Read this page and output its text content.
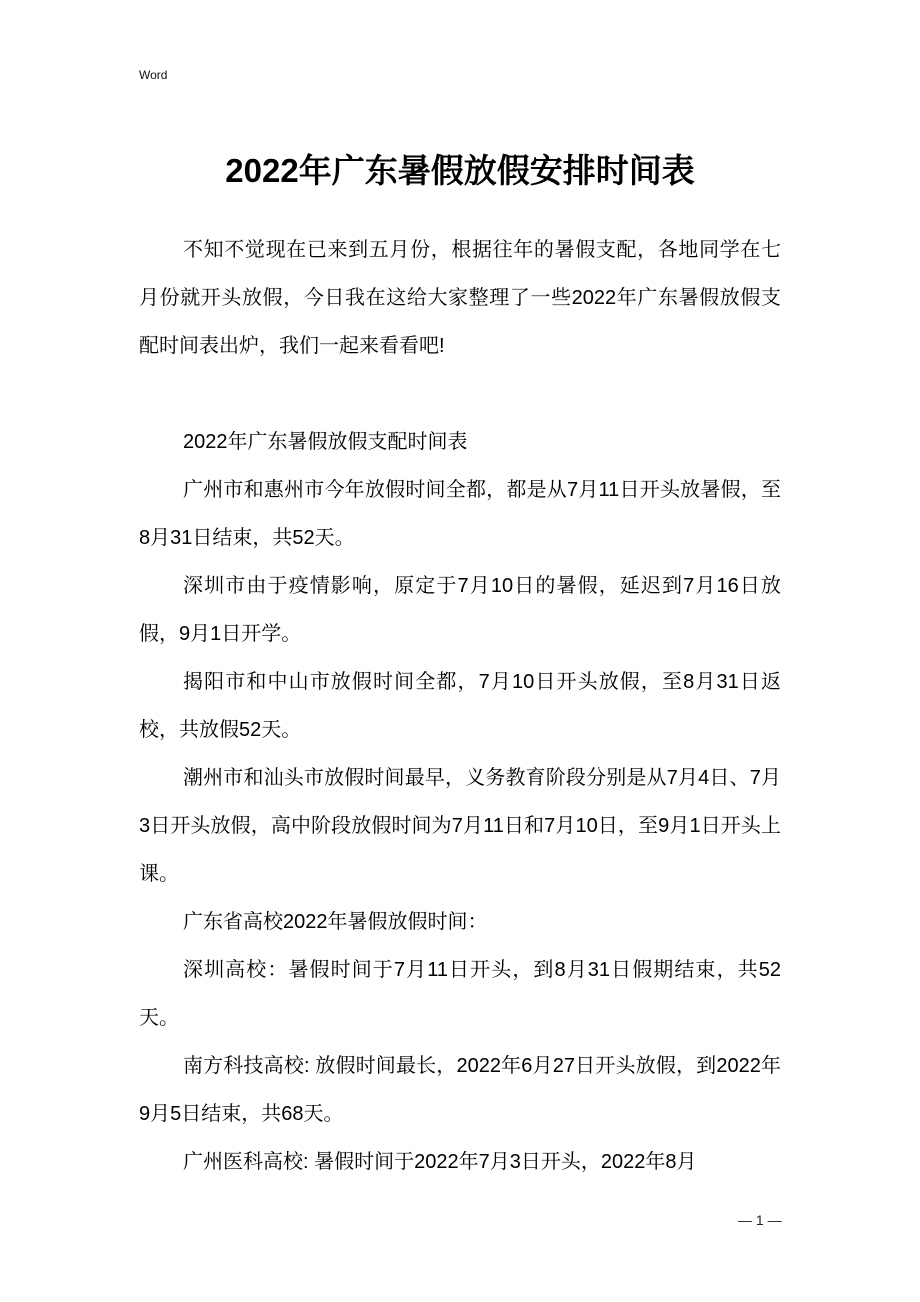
Word
2022年广东暑假放假安排时间表

不知不觉现在已来到五月份，根据往年的暑假支配，各地同学在七月份就开头放假，今日我在这给大家整理了一些2022年广东暑假放假支配时间表出炉，我们一起来看看吧!

2022年广东暑假放假支配时间表

广州市和惠州市今年放假时间全都，都是从7月11日开头放暑假，至8月31日结束，共52天。

深圳市由于疫情影响，原定于7月10日的暑假，延迟到7月16日放假，9月1日开学。

揭阳市和中山市放假时间全都，7月10日开头放假，至8月31日返校，共放假52天。

潮州市和汕头市放假时间最早，义务教育阶段分别是从7月4日、7月3日开头放假，高中阶段放假时间为7月11日和7月10日，至9月1日开头上课。

广东省高校2022年暑假放假时间：

深圳高校：暑假时间于7月11日开头，到8月31日假期结束，共52天。

南方科技高校: 放假时间最长，2022年6月27日开头放假，到2022年9月5日结束，共68天。

广州医科高校: 暑假时间于2022年7月3日开头，2022年8月

— 1 —
